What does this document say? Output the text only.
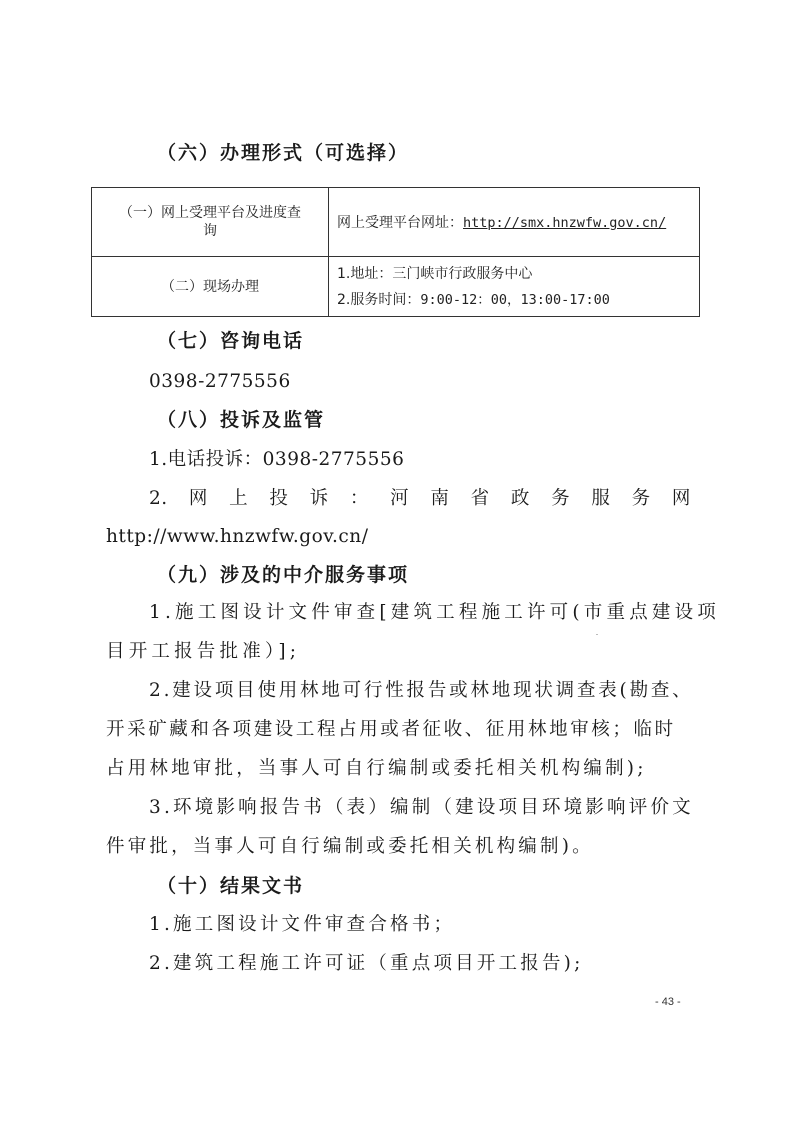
（六）办理形式（可选择）
（一）网上受理平台及进度查
询	网上受理平台网址：http://smx.hnzwfw.gov.cn/
（二）现场办理	1.地址：三门峡市行政服务中心
2.服务时间：9:00-12：00，13:00-17:00
（七）咨询电话
0398-2775556
（八）投诉及监管
1.电话投诉：0398-2775556
2. 网 上 投 诉 ： 河 南 省 政 务 服 务 网
http://www.hnzwfw.gov.cn/
（九）涉及的中介服务事项
1.施工图设计文件审查[建筑工程施工许可(市重点建设项
目开工报告批准）];
2.建设项目使用林地可行性报告或林地现状调查表(勘查、
开采矿藏和各项建设工程占用或者征收、征用林地审核；临时
占用林地审批，当事人可自行编制或委托相关机构编制);
3.环境影响报告书（表）编制（建设项目环境影响评价文
件审批，当事人可自行编制或委托相关机构编制)。
（十）结果文书
1.施工图设计文件审查合格书；
2.建筑工程施工许可证（重点项目开工报告);
- 43 -
